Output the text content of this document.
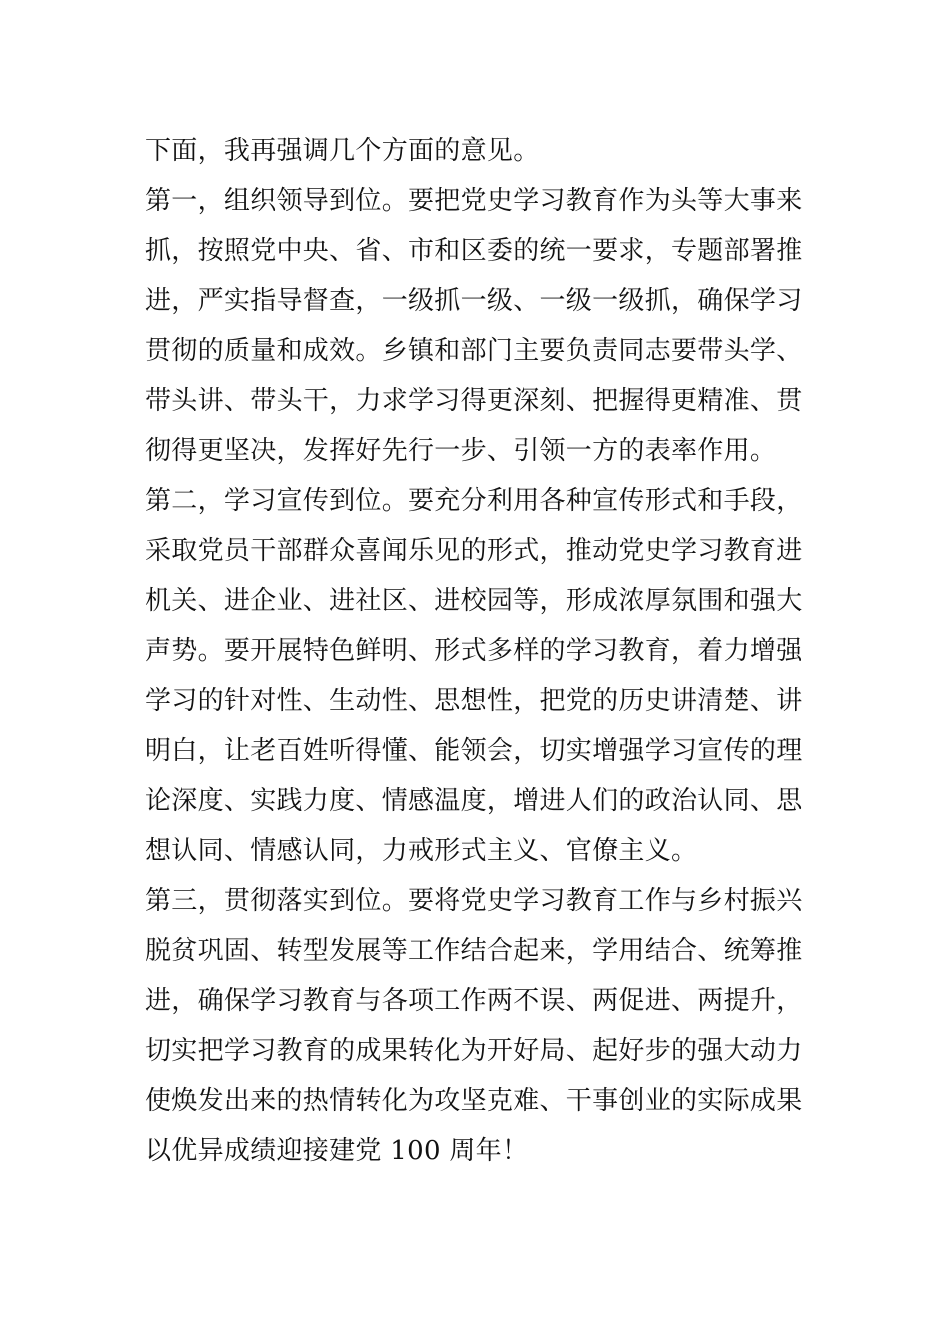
下面，我再强调几个方面的意见。
第一，组织领导到位。要把党史学习教育作为头等大事来
抓，按照党中央、省、市和区委的统一要求，专题部署推
进，严实指导督查，一级抓一级、一级一级抓，确保学习
贯彻的质量和成效。乡镇和部门主要负责同志要带头学、
带头讲、带头干，力求学习得更深刻、把握得更精准、贯
彻得更坚决，发挥好先行一步、引领一方的表率作用。
第二，学习宣传到位。要充分利用各种宣传形式和手段，
采取党员干部群众喜闻乐见的形式，推动党史学习教育进
机关、进企业、进社区、进校园等，形成浓厚氛围和强大
声势。要开展特色鲜明、形式多样的学习教育，着力增强
学习的针对性、生动性、思想性，把党的历史讲清楚、讲
明白，让老百姓听得懂、能领会，切实增强学习宣传的理
论深度、实践力度、情感温度，增进人们的政治认同、思
想认同、情感认同，力戒形式主义、官僚主义。
第三，贯彻落实到位。要将党史学习教育工作与乡村振兴
脱贫巩固、转型发展等工作结合起来，学用结合、统筹推
进，确保学习教育与各项工作两不误、两促进、两提升，
切实把学习教育的成果转化为开好局、起好步的强大动力
使焕发出来的热情转化为攻坚克难、干事创业的实际成果
以优异成绩迎接建党 100 周年！
